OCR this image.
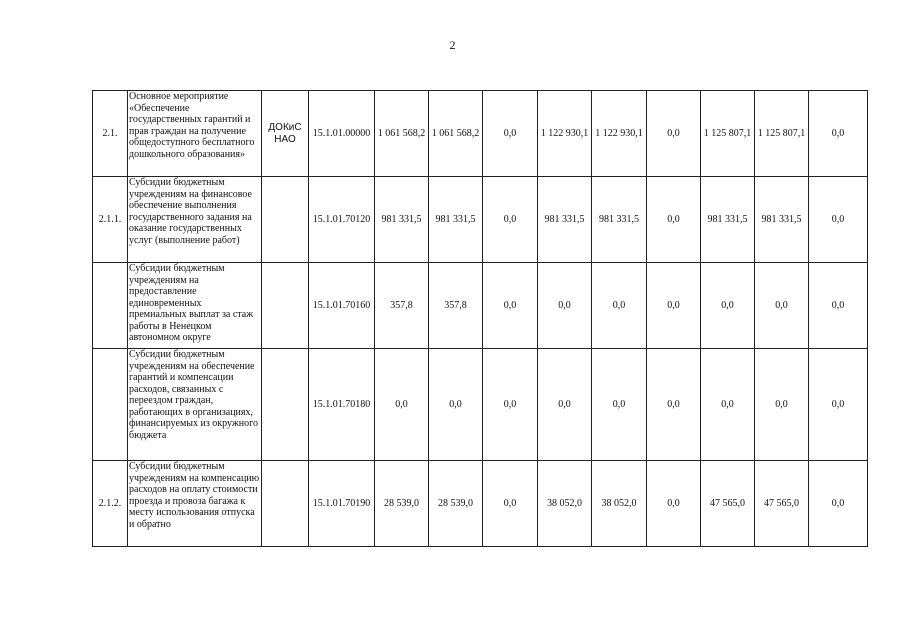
2
2.1.	Основное мероприятие «Обеспечение государственных гарантий и прав граждан на получение общедоступного бесплатного дошкольного образования»	ДОКиС НАО	15.1.01.00000	1 061 568,2	1 061 568,2	0,0	1 122 930,1	1 122 930,1	0,0	1 125 807,1	1 125 807,1	0,0
2.1.1.	Субсидии бюджетным учреждениям на финансовое обеспечение выполнения государственного задания на оказание государственных услуг (выполнение работ)		15.1.01.70120	981 331,5	981 331,5	0,0	981 331,5	981 331,5	0,0	981 331,5	981 331,5	0,0
	Субсидии бюджетным учреждениям на предоставление единовременных премиальных выплат за стаж работы в Ненецком автономном округе		15.1.01.70160	357,8	357,8	0,0	0,0	0,0	0,0	0,0	0,0	0,0
	Субсидии бюджетным учреждениям на обеспечение гарантий и компенсации расходов, связанных с переездом граждан, работающих в организациях, финансируемых из окружного бюджета		15.1.01.70180	0,0	0,0	0,0	0,0	0,0	0,0	0,0	0,0	0,0
2.1.2.	Субсидии бюджетным учреждениям на компенсацию расходов на оплату стоимости проезда и провоза багажа к месту использования отпуска и обратно		15.1.01.70190	28 539,0	28 539,0	0,0	38 052,0	38 052,0	0,0	47 565,0	47 565,0	0,0
